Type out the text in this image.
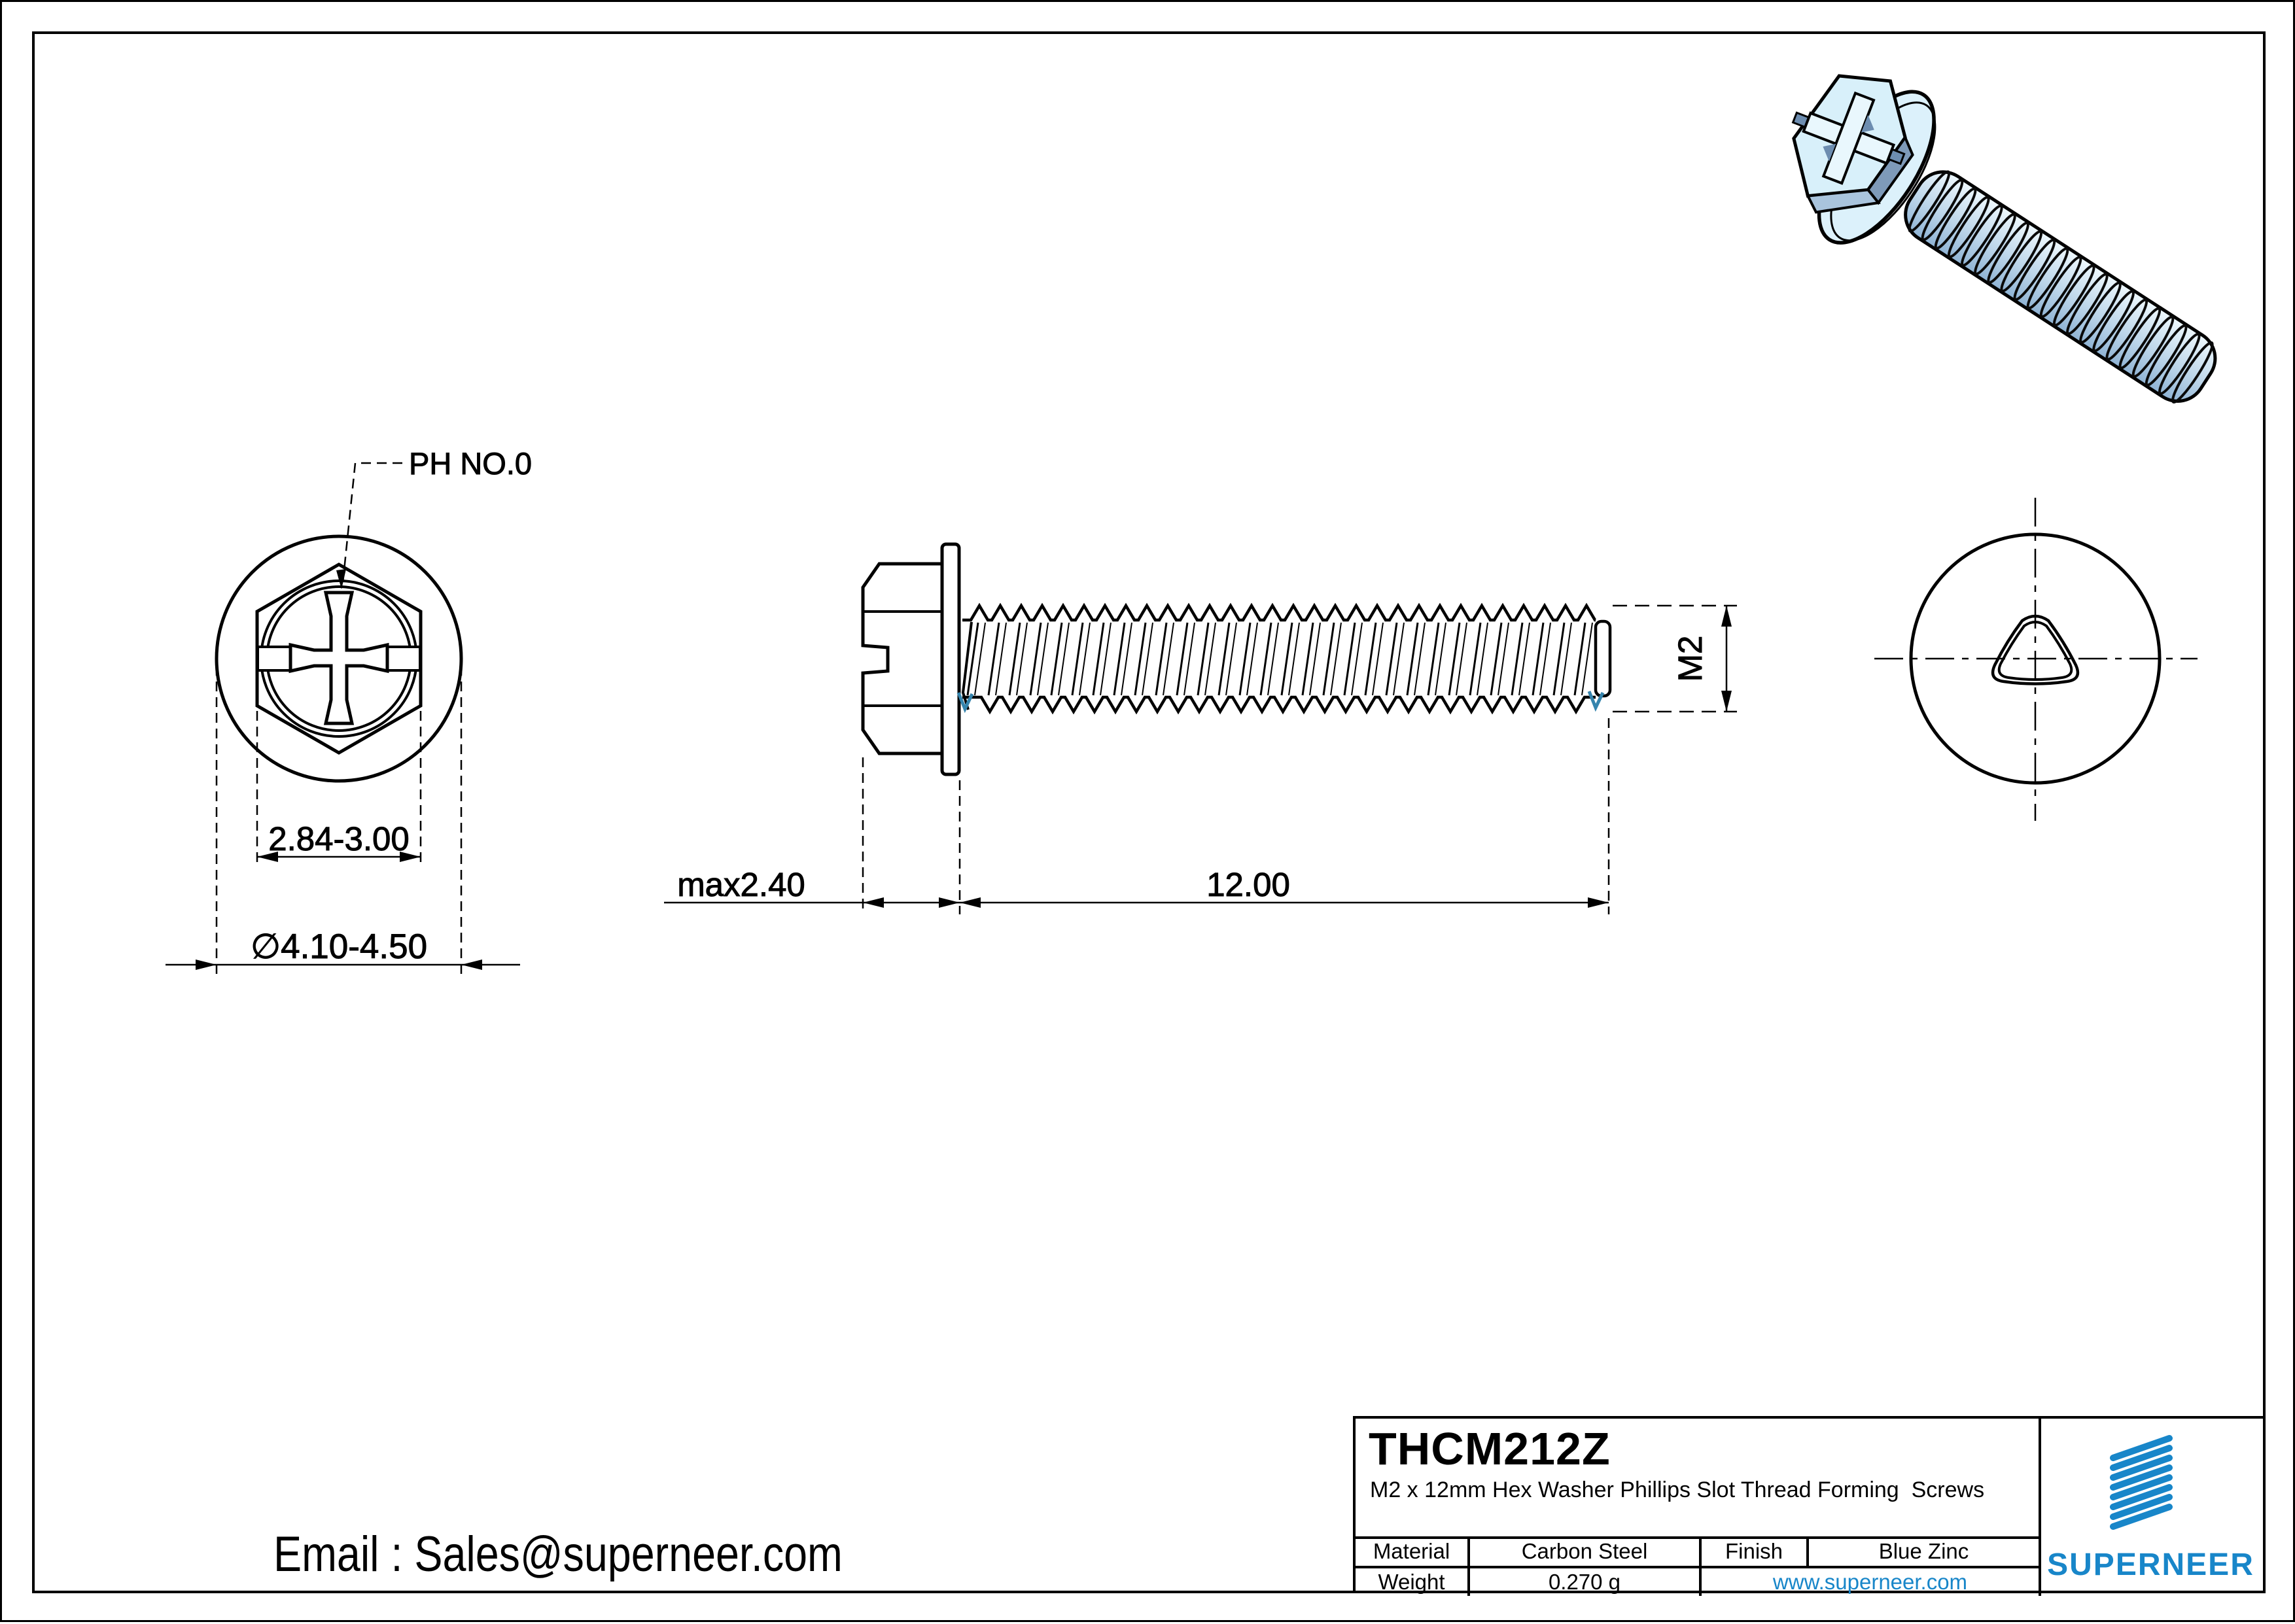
PH NO.0
2.84-3.00
∅4.10-4.50
M2
max2.40	12.00
THCM212Z
M2 x 12mm Hex Washer Phillips Slot Thread Forming  Screws
Material	Carbon Steel	Finish	Blue Zinc
Weight	0.270 g	www.superneer.com	SUPERNEER
Email : Sales@superneer.com
